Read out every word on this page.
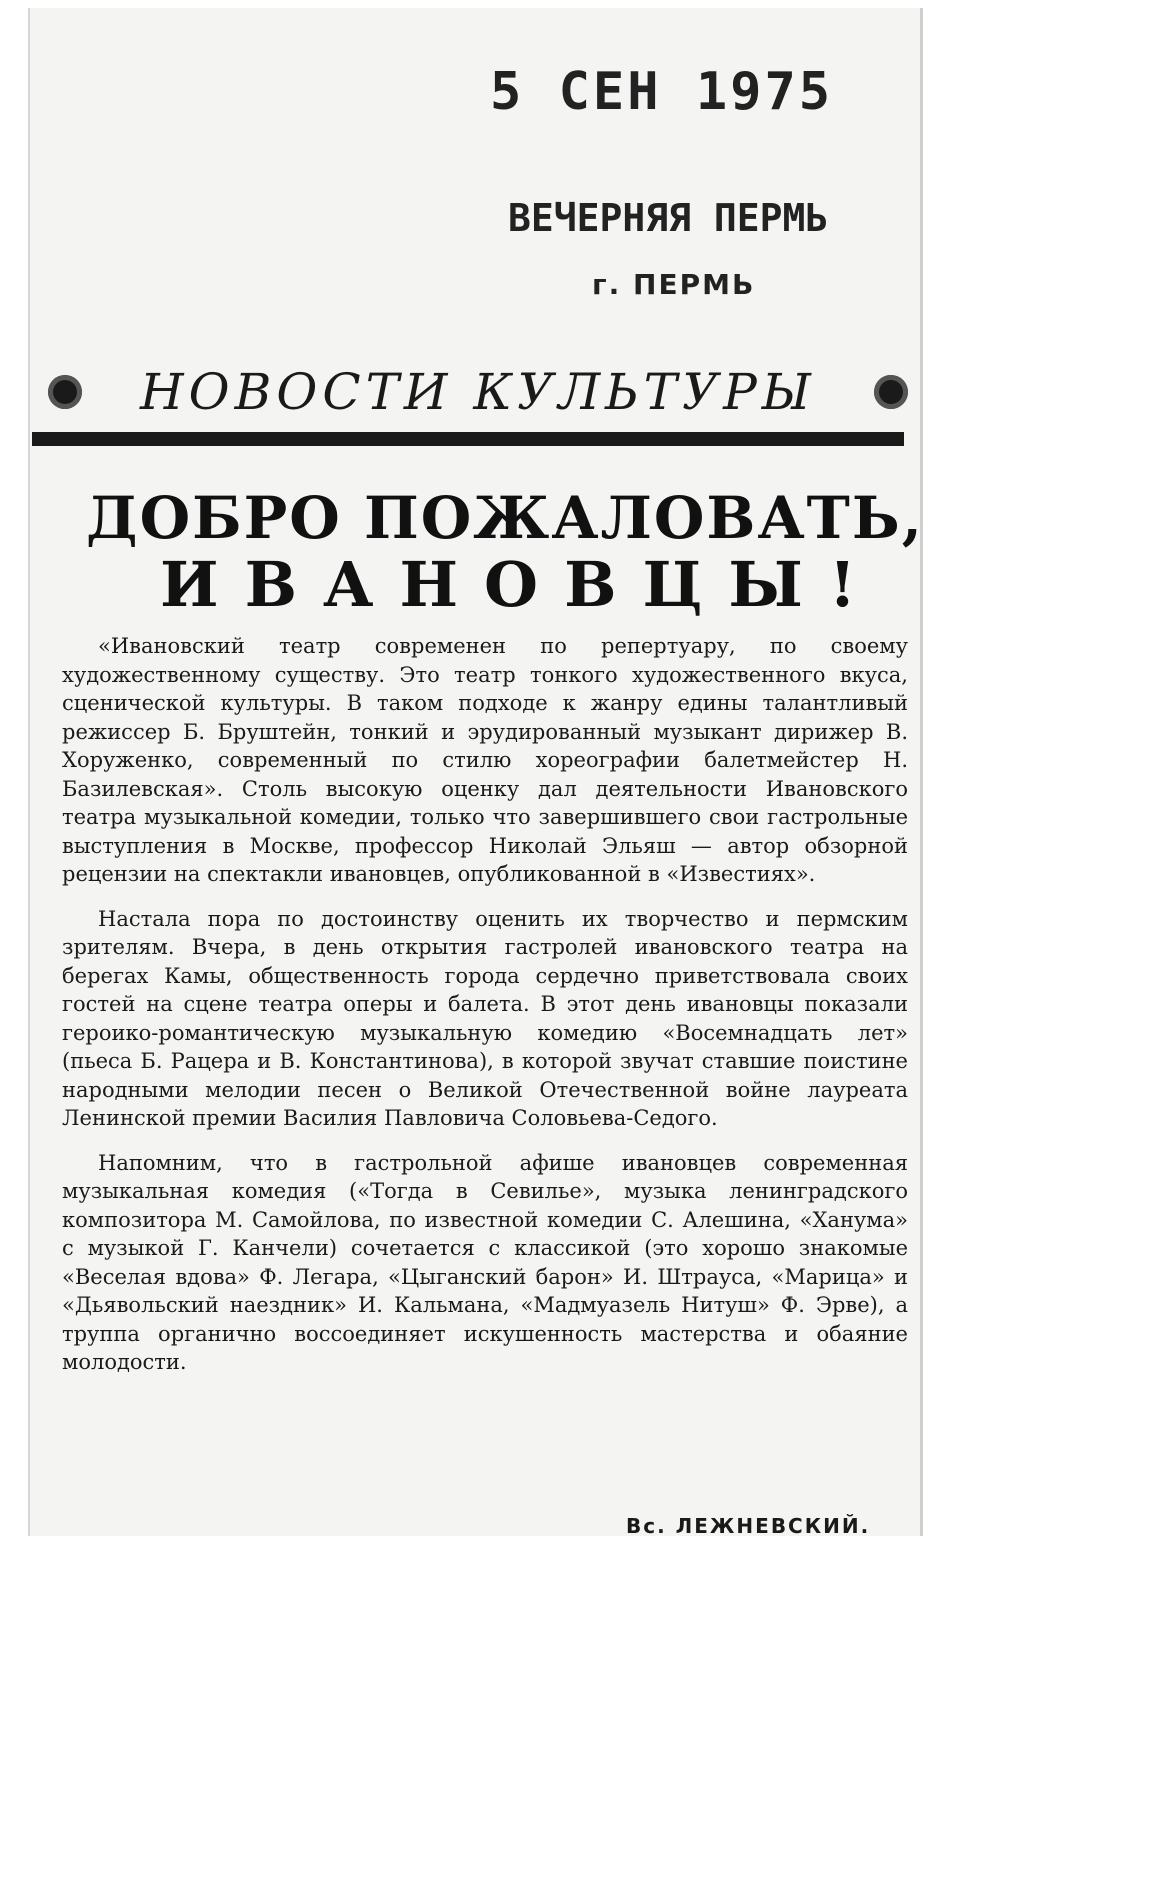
5 СЕН 1975
ВЕЧЕРНЯЯ ПЕРМЬ
г. ПЕРМЬ
НОВОСТИ КУЛЬТУРЫ
ДОБРО ПОЖАЛОВАТЬ,
ИВАНОВЦЫ!

«Ивановский театр современен по репертуару, по своему художественному существу. Это театр тонкого художественного вкуса, сценической культуры. В таком подходе к жанру едины талантливый режиссер Б. Бруштейн, тонкий и эрудированный музыкант дирижер В. Хоруженко, современный по стилю хореографии балетмейстер Н. Базилевская». Столь высокую оценку дал деятельности Ивановского театра музыкальной комедии, только что завершившего свои гастрольные выступления в Москве, профессор Николай Эльяш — автор обзорной рецензии на спектакли ивановцев, опубликованной в «Известиях».

Настала пора по достоинству оценить их творчество и пермским зрителям. Вчера, в день открытия гастролей ивановского театра на берегах Камы, общественность города сердечно приветствовала своих гостей на сцене театра оперы и балета. В этот день ивановцы показали героико-романтическую музыкальную комедию «Восемнадцать лет» (пьеса Б. Рацера и В. Константинова), в которой звучат ставшие поистине народными мелодии песен о Великой Отечественной войне лауреата Ленинской премии Василия Павловича Соловьева-Седого.

Напомним, что в гастрольной афише ивановцев современная музыкальная комедия («Тогда в Севилье», музыка ленинградского композитора М. Самойлова, по известной комедии С. Алешина, «Ханума» с музыкой Г. Канчели) сочетается с классикой (это хорошо знакомые «Веселая вдова» Ф. Легара, «Цыганский барон» И. Штрауса, «Марица» и «Дьявольский наездник» И. Кальмана, «Мадмуазель Нитуш» Ф. Эрве), а труппа органично воссоединяет искушенность мастерства и обаяние молодости.

Вс. ЛЕЖНЕВСКИЙ.
